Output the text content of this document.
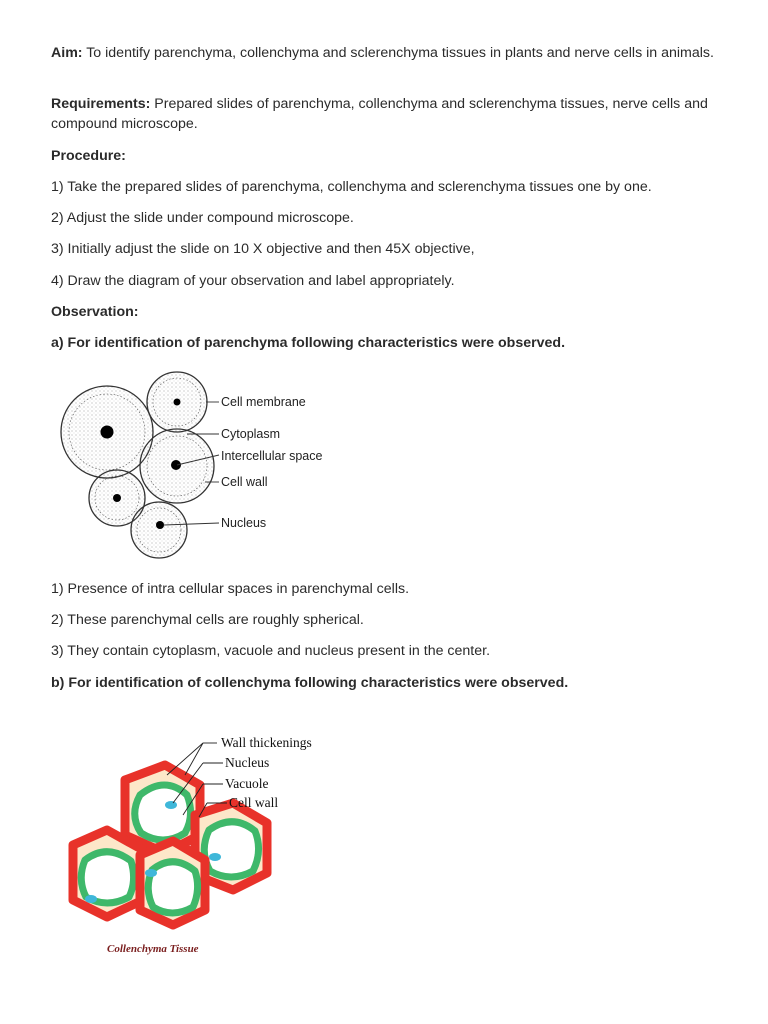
Aim: To identify parenchyma, collenchyma and sclerenchyma tissues in plants and nerve cells in animals.
Requirements: Prepared slides of parenchyma, collenchyma and sclerenchyma tissues, nerve cells and compound microscope.
Procedure:
1) Take the prepared slides of parenchyma, collenchyma and sclerenchyma tissues one by one.
2) Adjust the slide under compound microscope.
3) Initially adjust the slide on 10 X objective and then 45X objective,
4) Draw the diagram of your observation and label appropriately.
Observation:
a) For identification of parenchyma following characteristics were observed.
Cell membrane
Cytoplasm
Intercellular space
Cell wall
Nucleus
1) Presence of intra cellular spaces in parenchymal cells.
2) These parenchymal cells are roughly spherical.
3) They contain cytoplasm, vacuole and nucleus present in the center.
b) For identification of collenchyma following characteristics were observed.
Wall thickenings
Nucleus
Vacuole
Cell wall
Collenchyma Tissue
